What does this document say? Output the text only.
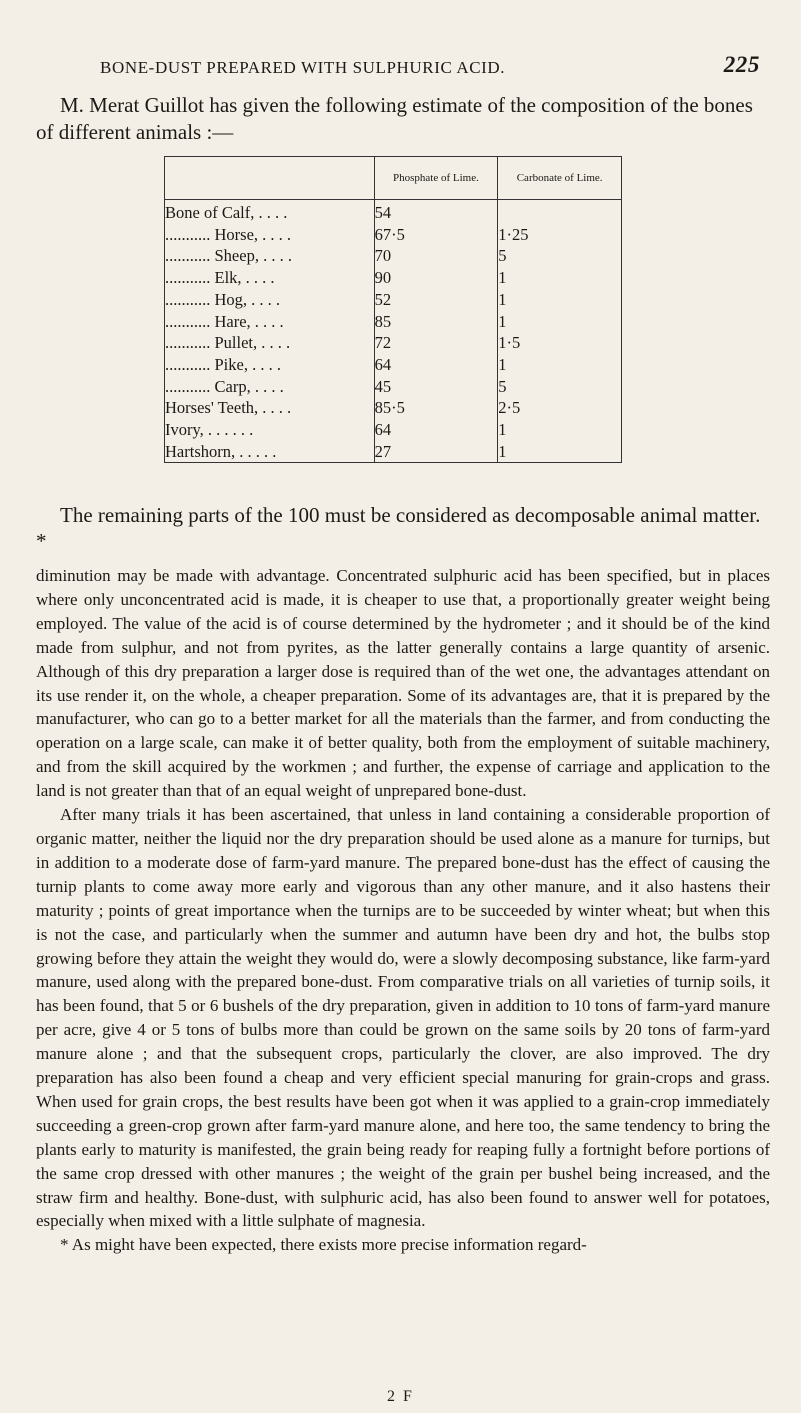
BONE-DUST PREPARED WITH SULPHURIC ACID.	225

M. Merat Guillot has given the following estimate of the composition of the bones of different animals :—

	Phosphate of Lime.	Carbonate of Lime.
Bone of Calf, . . . .	54	
........... Horse, . . . .	67·5	1·25
........... Sheep, . . . .	70	5
........... Elk, . . . .	90	1
........... Hog, . . . .	52	1
........... Hare, . . . .	85	1
........... Pullet, . . . .	72	1·5
........... Pike, . . . .	64	1
........... Carp, . . . .	45	5
Horses' Teeth, . . . .	85·5	2·5
Ivory, . . . . . .	64	1
Hartshorn, . . . . .	27	1

The remaining parts of the 100 must be considered as decomposable animal matter. *

diminution may be made with advantage. Concentrated sulphuric acid has been specified, but in places where only unconcentrated acid is made, it is cheaper to use that, a proportionally greater weight being employed. The value of the acid is of course determined by the hydrometer ; and it should be of the kind made from sulphur, and not from pyrites, as the latter generally contains a large quantity of arsenic. Although of this dry preparation a larger dose is required than of the wet one, the advantages attendant on its use render it, on the whole, a cheaper preparation. Some of its advantages are, that it is prepared by the manufacturer, who can go to a better market for all the materials than the farmer, and from conducting the operation on a large scale, can make it of better quality, both from the employment of suitable machinery, and from the skill acquired by the workmen ; and further, the expense of carriage and application to the land is not greater than that of an equal weight of unprepared bone-dust.

After many trials it has been ascertained, that unless in land containing a considerable proportion of organic matter, neither the liquid nor the dry preparation should be used alone as a manure for turnips, but in addition to a moderate dose of farm-yard manure. The prepared bone-dust has the effect of causing the turnip plants to come away more early and vigorous than any other manure, and it also hastens their maturity ; points of great importance when the turnips are to be succeeded by winter wheat; but when this is not the case, and particularly when the summer and autumn have been dry and hot, the bulbs stop growing before they attain the weight they would do, were a slowly decomposing substance, like farm-yard manure, used along with the prepared bone-dust. From comparative trials on all varieties of turnip soils, it has been found, that 5 or 6 bushels of the dry preparation, given in addition to 10 tons of farm-yard manure per acre, give 4 or 5 tons of bulbs more than could be grown on the same soils by 20 tons of farm-yard manure alone ; and that the subsequent crops, particularly the clover, are also improved. The dry preparation has also been found a cheap and very efficient special manuring for grain-crops and grass. When used for grain crops, the best results have been got when it was applied to a grain-crop immediately succeeding a green-crop grown after farm-yard manure alone, and here too, the same tendency to bring the plants early to maturity is manifested, the grain being ready for reaping fully a fortnight before portions of the same crop dressed with other manures ; the weight of the grain per bushel being increased, and the straw firm and healthy. Bone-dust, with sulphuric acid, has also been found to answer well for potatoes, especially when mixed with a little sulphate of magnesia.

* As might have been expected, there exists more precise information regard-

2 F
